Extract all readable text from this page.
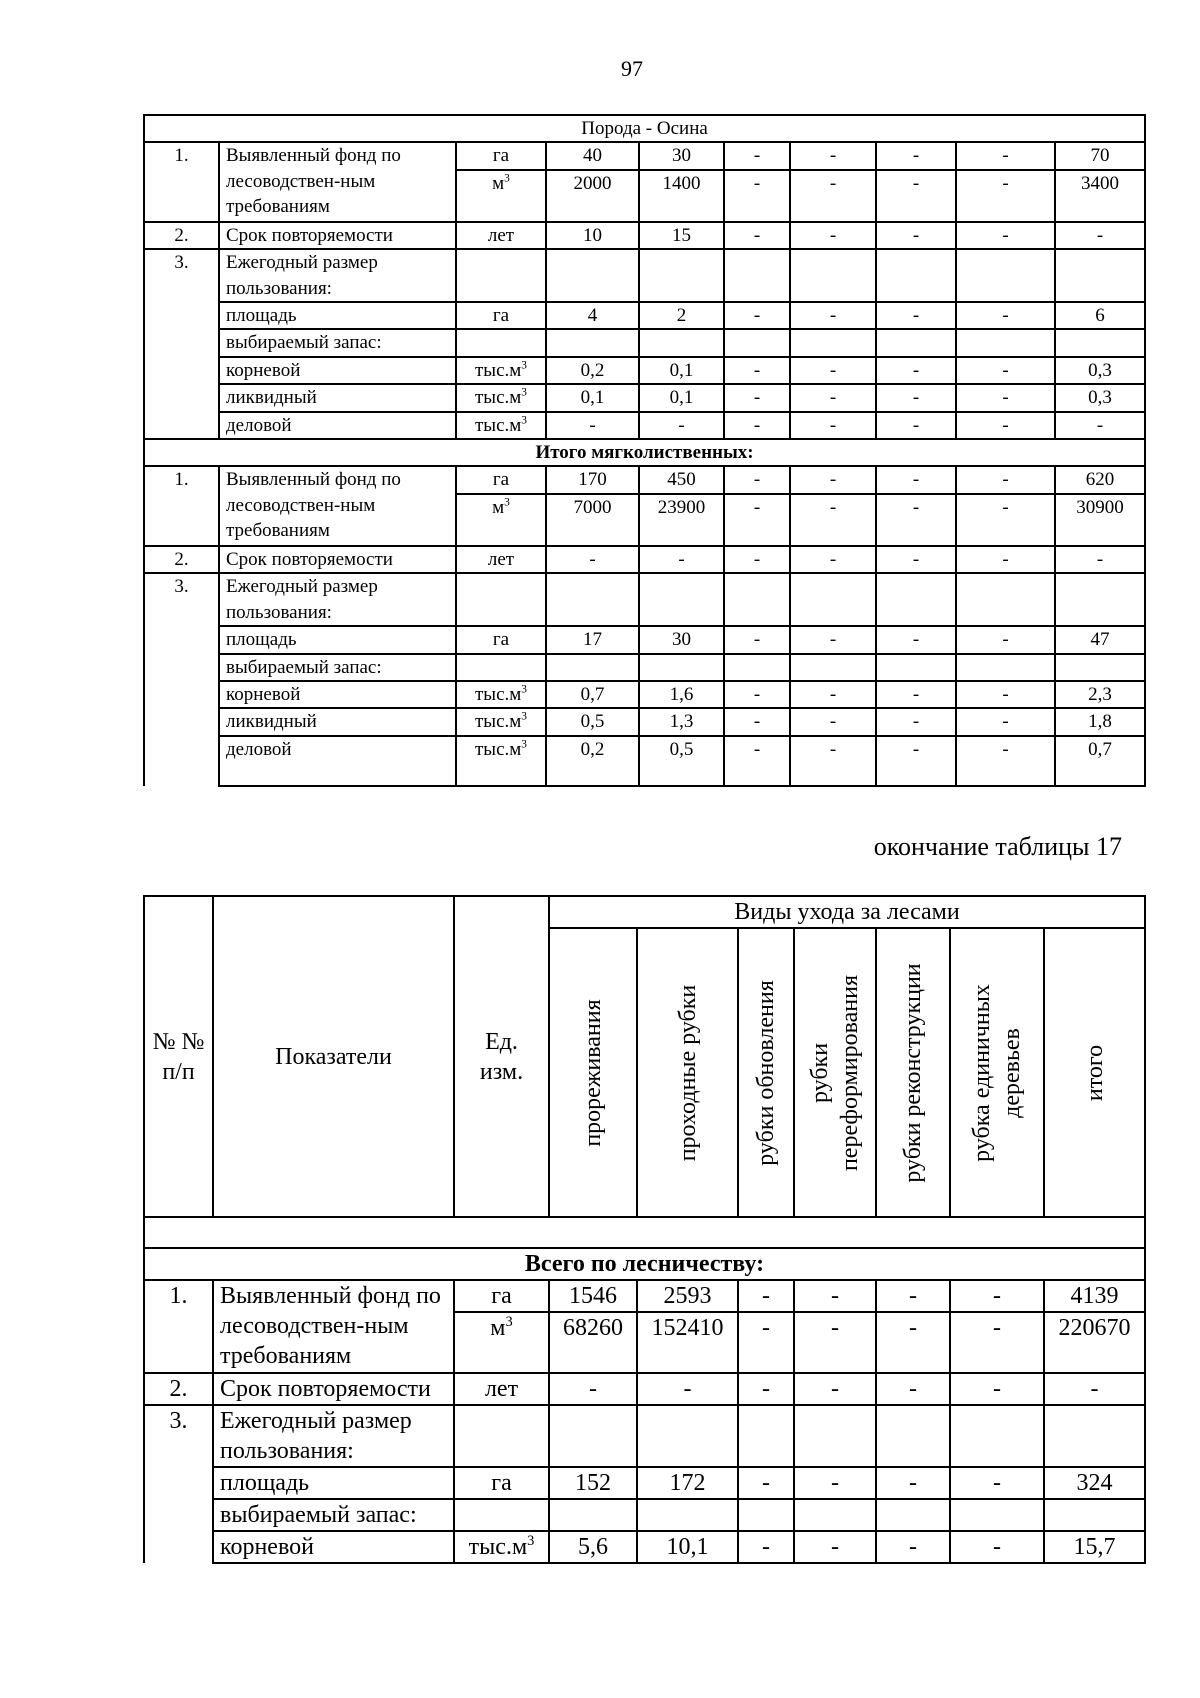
97
Порода - Осина									
1.	Выявленный фонд по лесоводствен-ным требованиям	га	40	30	-	-	-	-	70
		$м^3$	2000	1400	-	-	-	-	3400
2.	Срок повторяемости	лет	10	15	-	-	-	-	-
3.	Ежегодный размер пользования:								
	площадь	га	4	2	-	-	-	-	6
	выбираемый запас:								
	корневой	$тыс.м^3$	0,2	0,1	-	-	-	-	0,3
	ликвидный	$тыс.м^3$	0,1	0,1	-	-	-	-	0,3
	деловой	$тыс.м^3$	-	-	-	-	-	-	-
Итого мягколиственных:									
1.	Выявленный фонд по лесоводствен-ным требованиям	га	170	450	-	-	-	-	620
		$м^3$	7000	23900	-	-	-	-	30900
2.	Срок повторяемости	лет	-	-	-	-	-	-	-
3.	Ежегодный размер пользования:								
	площадь	га	17	30	-	-	-	-	47
	выбираемый запас:								
	корневой	$тыс.м^3$	0,7	1,6	-	-	-	-	2,3
	ликвидный	$тыс.м^3$	0,5	1,3	-	-	-	-	1,8
	деловой	$тыс.м^3$	0,2	0,5	-	-	-	-	0,7
окончание таблицы 17
№ № п/п	Показатели	Ед. изм.	Виды ухода за лесами						

			прореживания	проходные рубки	рубки обновления	рубки переформирования	рубки реконструкции	рубка единичных деревьев	итого

Всего по лесничеству:									
1.	Выявленный фонд по лесоводствен-ным требованиям	га	1546	2593	-	-	-	-	4139
		$м^3$	68260	152410	-	-	-	-	220670
2.	Срок повторяемости	лет	-	-	-	-	-	-	-
3.	Ежегодный размер пользования:								
	площадь	га	152	172	-	-	-	-	324
	выбираемый запас:								
	корневой	$тыс.м^3$	5,6	10,1	-	-	-	-	15,7
